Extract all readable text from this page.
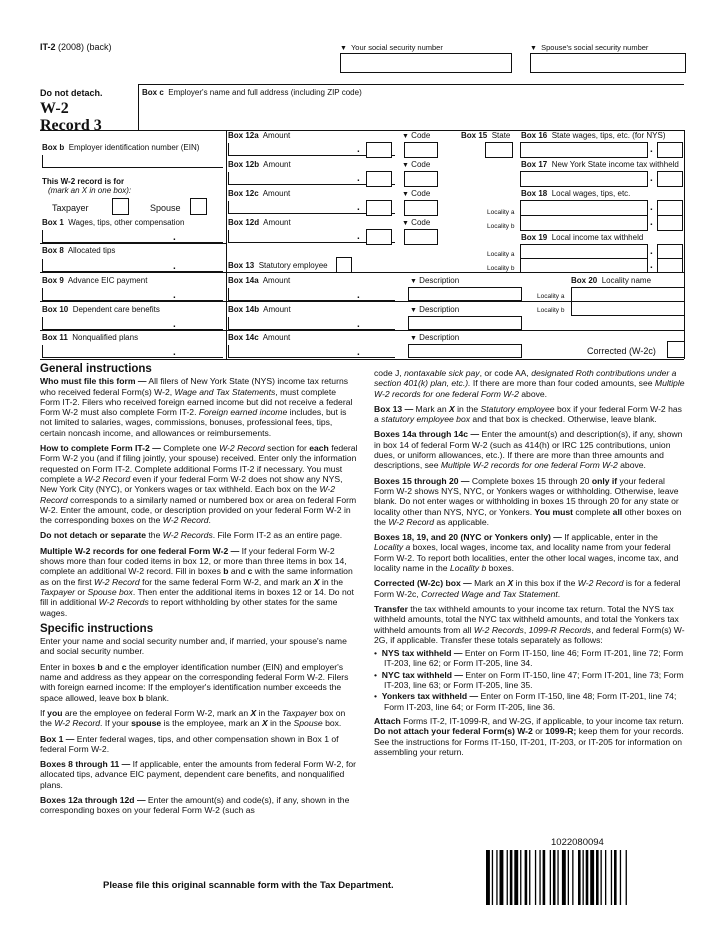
IT-2 (2008) (back)	▼ Your social security number	▼ Spouse's social security number
Do not detach.
W-2
Record 3
Box c Employer's name and full address (including ZIP code)
Box b Employer identification number (EIN)
This W-2 record is for
(mark an X in one box):
Taxpayer	Spouse
Box 1 Wages, tips, other compensation
.
Box 8 Allocated tips
.
Box 9 Advance EIC payment
.
Box 10 Dependent care benefits
.
Box 11 Nonqualified plans
.
Box 12a Amount	▼ Code
.
Box 12b Amount	▼ Code
.
Box 12c Amount	▼ Code
.
Box 12d Amount	▼ Code
.
Box 13 Statutory employee
Box 14a Amount	▼ Description
.
Box 14b Amount	▼ Description
.
Box 14c Amount	▼ Description
.
Box 15 State Box 16 State wages, tips, etc. (for NYS)
.
Box 17 New York State income tax withheld
.
Box 18 Local wages, tips, etc.
Locality a	.
Locality b	.
Box 19 Local income tax withheld
Locality a	.
Locality b	.
Box 20 Locality name
Locality a
Locality b
Corrected (W-2c)
General instructions

Who must file this form — All filers of New York State (NYS) income tax returns who received federal Form(s) W-2, Wage and Tax Statements, must complete Form IT-2. Filers who received foreign earned income but did not receive a federal Form W-2 must also complete Form IT-2. Foreign earned income includes, but is not limited to salaries, wages, commissions, bonuses, professional fees, tips, certain noncash income, and allowances or reimbursements.

How to complete Form IT-2 — Complete one W-2 Record section for each federal Form W-2 you (and if filing jointly, your spouse) received. Enter only the information requested on Form IT-2. Complete additional Forms IT-2 if necessary. You must complete a W-2 Record even if your federal Form W-2 does not show any NYS, New York City (NYC), or Yonkers wages or tax withheld. Each box on the W-2 Record corresponds to a similarly named or numbered box or area on federal Form W-2. Enter the amount, code, or description provided on your federal Form W-2 in the corresponding boxes on the W-2 Record.

Do not detach or separate the W-2 Records. File Form IT-2 as an entire page.

Multiple W-2 records for one federal Form W-2 — If your federal Form W-2 shows more than four coded items in box 12, or more than three items in box 14, complete an additional W-2 record. Fill in boxes b and c with the same information as on the first W-2 Record for the same federal Form W-2, and mark an X in the Taxpayer or Spouse box. Then enter the additional items in boxes 12 or 14. Do not fill in additional W-2 Records to report withholding by other states for the same wages.

Specific instructions

Enter your name and social security number and, if married, your spouse's name and social security number.

Enter in boxes b and c the employer identification number (EIN) and employer's name and address as they appear on the corresponding federal Form W-2. Filers with foreign earned income: If the employer's identification number exceeds the space allowed, leave box b blank.

If you are the employee on federal Form W-2, mark an X in the Taxpayer box on the W-2 Record. If your spouse is the employee, mark an X in the Spouse box.

Box 1 — Enter federal wages, tips, and other compensation shown in Box 1 of federal Form W-2.

Boxes 8 through 11 — If applicable, enter the amounts from federal Form W-2, for allocated tips, advance EIC payment, dependent care benefits, and nonqualified plans.

Boxes 12a through 12d — Enter the amount(s) and code(s), if any, shown in the corresponding boxes on your federal Form W-2 (such as

code J, nontaxable sick pay, or code AA, designated Roth contributions under a section 401(k) plan, etc.). If there are more than four coded amounts, see Multiple W-2 records for one federal Form W-2 above.

Box 13 — Mark an X in the Statutory employee box if your federal Form W-2 has a statutory employee box and that box is checked. Otherwise, leave blank.

Boxes 14a through 14c — Enter the amount(s) and description(s), if any, shown in box 14 of federal Form W-2 (such as 414(h) or IRC 125 contributions, union dues, or uniform allowances, etc.). If there are more than three amounts and descriptions, see Multiple W-2 records for one federal Form W-2 above.

Boxes 15 through 20 — Complete boxes 15 through 20 only if your federal Form W-2 shows NYS, NYC, or Yonkers wages or withholding. Otherwise, leave blank. Do not enter wages or withholding in boxes 15 through 20 for any state or locality other than NYS, NYC, or Yonkers. You must complete all other boxes on the W-2 Record as applicable.

Boxes 18, 19, and 20 (NYC or Yonkers only) — If applicable, enter in the Locality a boxes, local wages, income tax, and locality name from your federal Form W-2. To report both localities, enter the other local wages, income tax, and locality name in the Locality b boxes.

Corrected (W-2c) box — Mark an X in this box if the W-2 Record is for a federal Form W-2c, Corrected Wage and Tax Statement.

Transfer the tax withheld amounts to your income tax return. Total the NYS tax withheld amounts, total the NYC tax withheld amounts, and total the Yonkers tax withheld amounts from all W-2 Records, 1099-R Records, and federal Form(s) W-2G, if applicable. Transfer these totals separately as follows:

•  NYS tax withheld — Enter on Form IT-150, line 46; Form IT-201, line 72; Form IT-203, line 62; or Form IT-205, line 34.
•  NYC tax withheld — Enter on Form IT-150, line 47; Form IT-201, line 73; Form IT-203, line 63; or Form IT-205, line 35.
•  Yonkers tax withheld — Enter on Form IT-150, line 48; Form IT-201, line 74; Form IT-203, line 64; or Form IT-205, line 36.

Attach Forms IT-2, IT-1099-R, and W-2G, if applicable, to your income tax return. Do not attach your federal Form(s) W-2 or 1099-R; keep them for your records. See the instructions for Forms IT-150, IT-201, IT-203, or IT-205 for information on assembling your return.

Please file this original scannable form with the Tax Department.
1022080094
